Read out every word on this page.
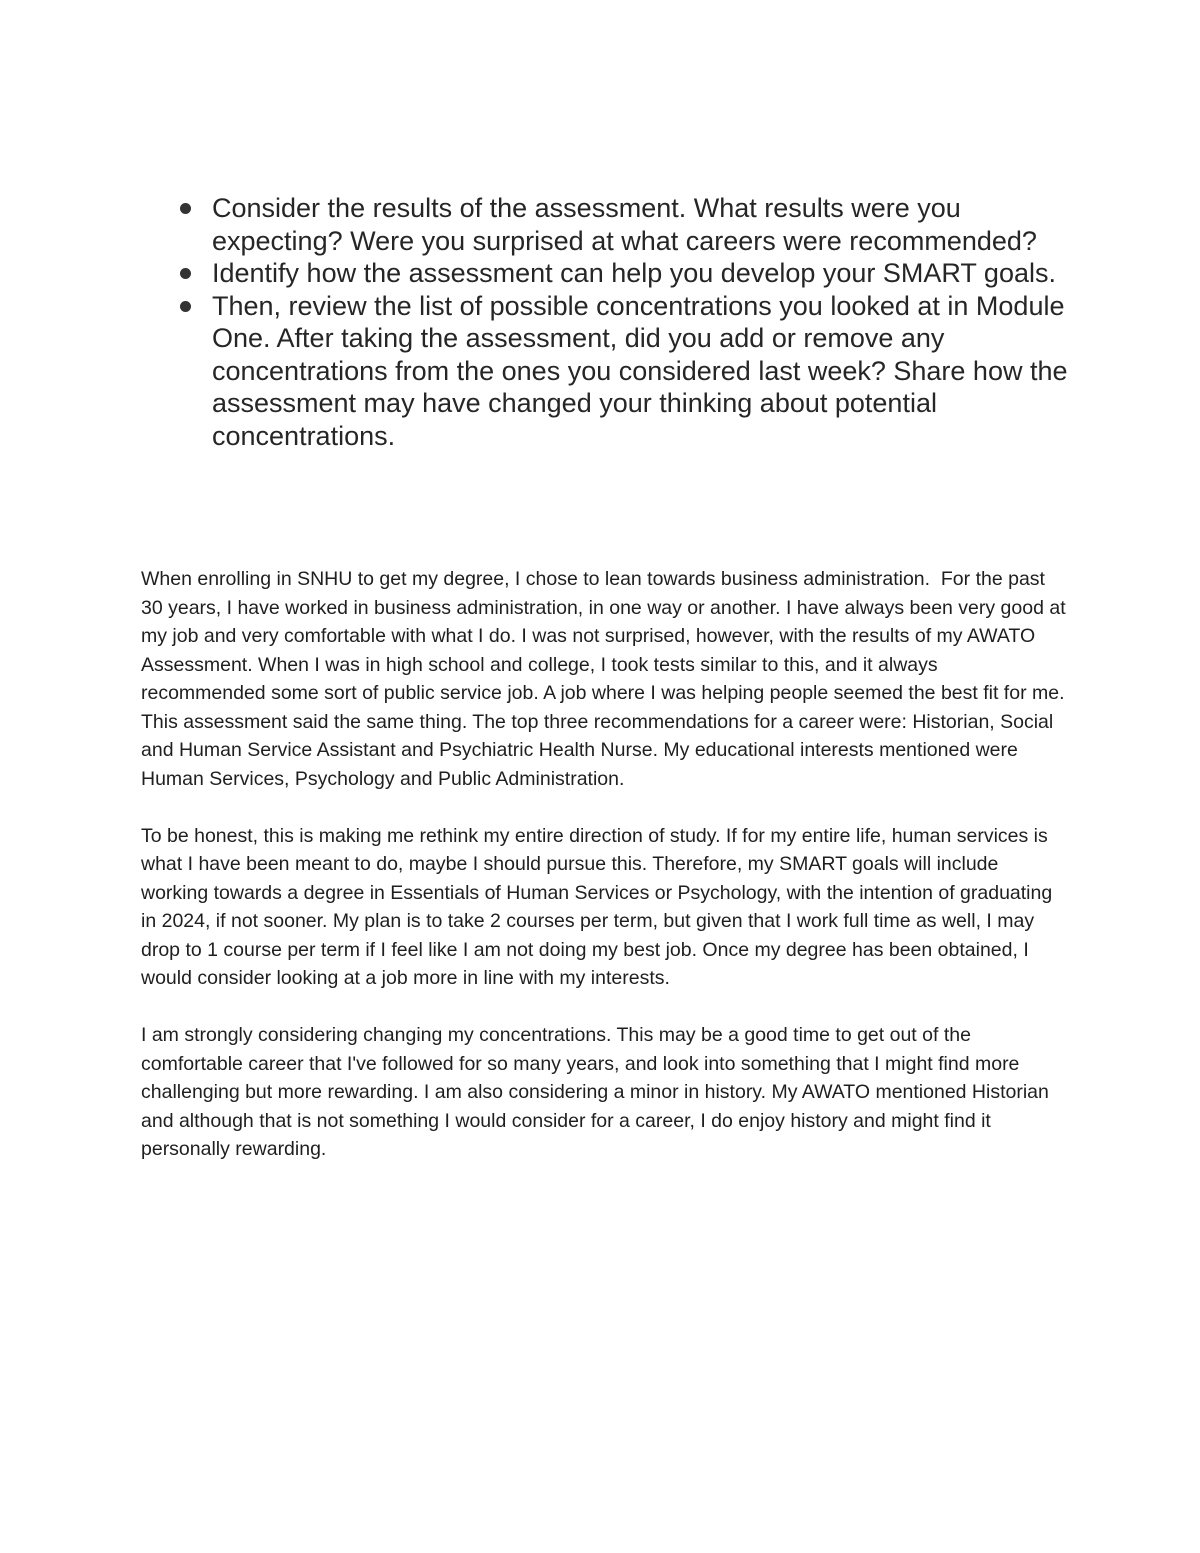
Consider the results of the assessment. What results were you expecting? Were you surprised at what careers were recommended?
Identify how the assessment can help you develop your SMART goals.
Then, review the list of possible concentrations you looked at in Module One. After taking the assessment, did you add or remove any concentrations from the ones you considered last week? Share how the assessment may have changed your thinking about potential concentrations.

When enrolling in SNHU to get my degree, I chose to lean towards business administration.  For the past 30 years, I have worked in business administration, in one way or another. I have always been very good at my job and very comfortable with what I do. I was not surprised, however, with the results of my AWATO Assessment. When I was in high school and college, I took tests similar to this, and it always recommended some sort of public service job. A job where I was helping people seemed the best fit for me. This assessment said the same thing. The top three recommendations for a career were: Historian, Social and Human Service Assistant and Psychiatric Health Nurse. My educational interests mentioned were Human Services, Psychology and Public Administration.

To be honest, this is making me rethink my entire direction of study. If for my entire life, human services is what I have been meant to do, maybe I should pursue this. Therefore, my SMART goals will include working towards a degree in Essentials of Human Services or Psychology, with the intention of graduating in 2024, if not sooner. My plan is to take 2 courses per term, but given that I work full time as well, I may drop to 1 course per term if I feel like I am not doing my best job. Once my degree has been obtained, I would consider looking at a job more in line with my interests.

I am strongly considering changing my concentrations. This may be a good time to get out of the comfortable career that I've followed for so many years, and look into something that I might find more challenging but more rewarding. I am also considering a minor in history. My AWATO mentioned Historian and although that is not something I would consider for a career, I do enjoy history and might find it personally rewarding.
